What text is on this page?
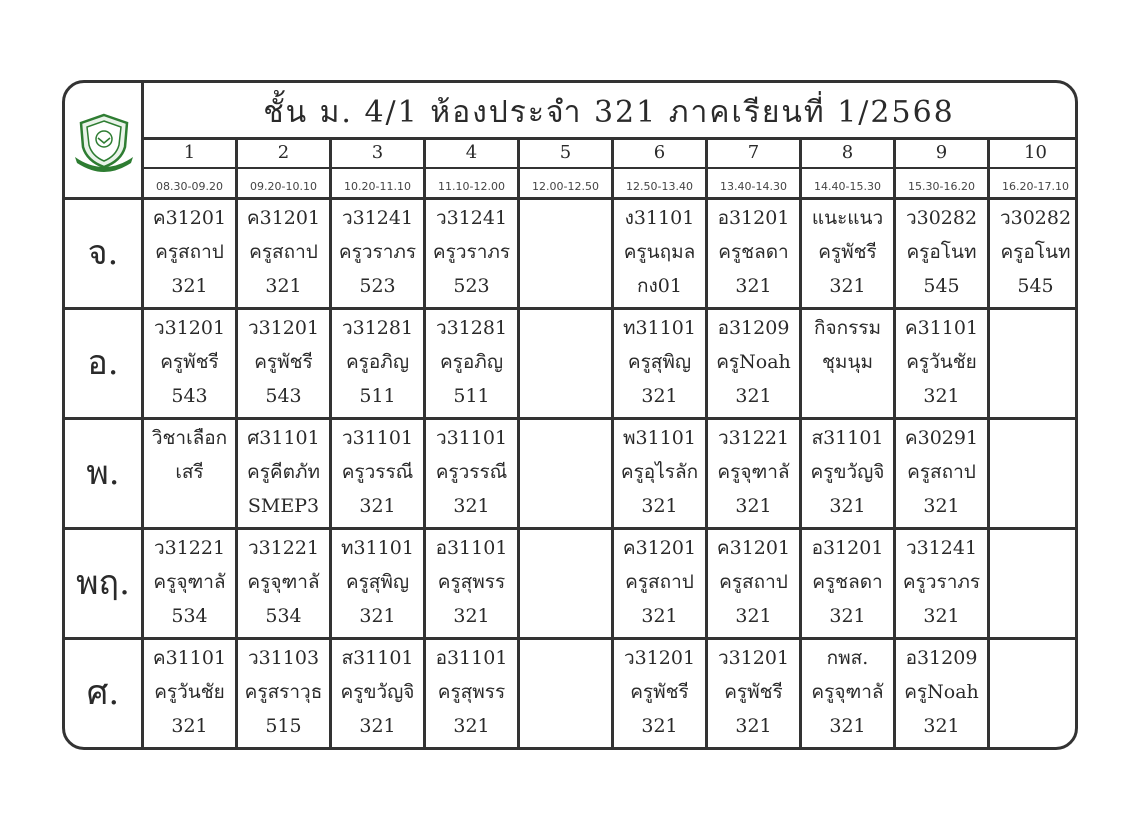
ชั้น ม. 4/1 ห้องประจำ 321 ภาคเรียนที่ 1/2568
1
08.30-09.20
2
09.20-10.10
3
10.20-11.10
4
11.10-12.00
5
12.00-12.50
6
12.50-13.40
7
13.40-14.30
8
14.40-15.30
9
15.30-16.20
10
16.20-17.10
จ.
ค31201
ครูสถาป
321
ค31201
ครูสถาป
321
ว31241
ครูวราภร
523
ว31241
ครูวราภร
523
ง31101
ครูนฤมล
กง01
อ31201
ครูชลดา
321
แนะแนว
ครูพัชรี
321
ว30282
ครูอโนท
545
ว30282
ครูอโนท
545
อ.
ว31201
ครูพัชรี
543
ว31201
ครูพัชรี
543
ว31281
ครูอภิญ
511
ว31281
ครูอภิญ
511
ท31101
ครูสุพิญ
321
อ31209
ครูNoah
321
กิจกรรม
ชุมนุม
ค31101
ครูวันชัย
321
พ.
วิชาเลือก
เสรี
ศ31101
ครูคีตภัท
SMEP3
ว31101
ครูวรรณี
321
ว31101
ครูวรรณี
321
พ31101
ครูอุไรลัก
321
ว31221
ครูจุฑาลั
321
ส31101
ครูขวัญจิ
321
ค30291
ครูสถาป
321
พฤ.
ว31221
ครูจุฑาลั
534
ว31221
ครูจุฑาลั
534
ท31101
ครูสุพิญ
321
อ31101
ครูสุพรร
321
ค31201
ครูสถาป
321
ค31201
ครูสถาป
321
อ31201
ครูชลดา
321
ว31241
ครูวราภร
321
ศ.
ค31101
ครูวันชัย
321
ว31103
ครูสราวุธ
515
ส31101
ครูขวัญจิ
321
อ31101
ครูสุพรร
321
ว31201
ครูพัชรี
321
ว31201
ครูพัชรี
321
กพส.
ครูจุฑาลั
321
อ31209
ครูNoah
321
